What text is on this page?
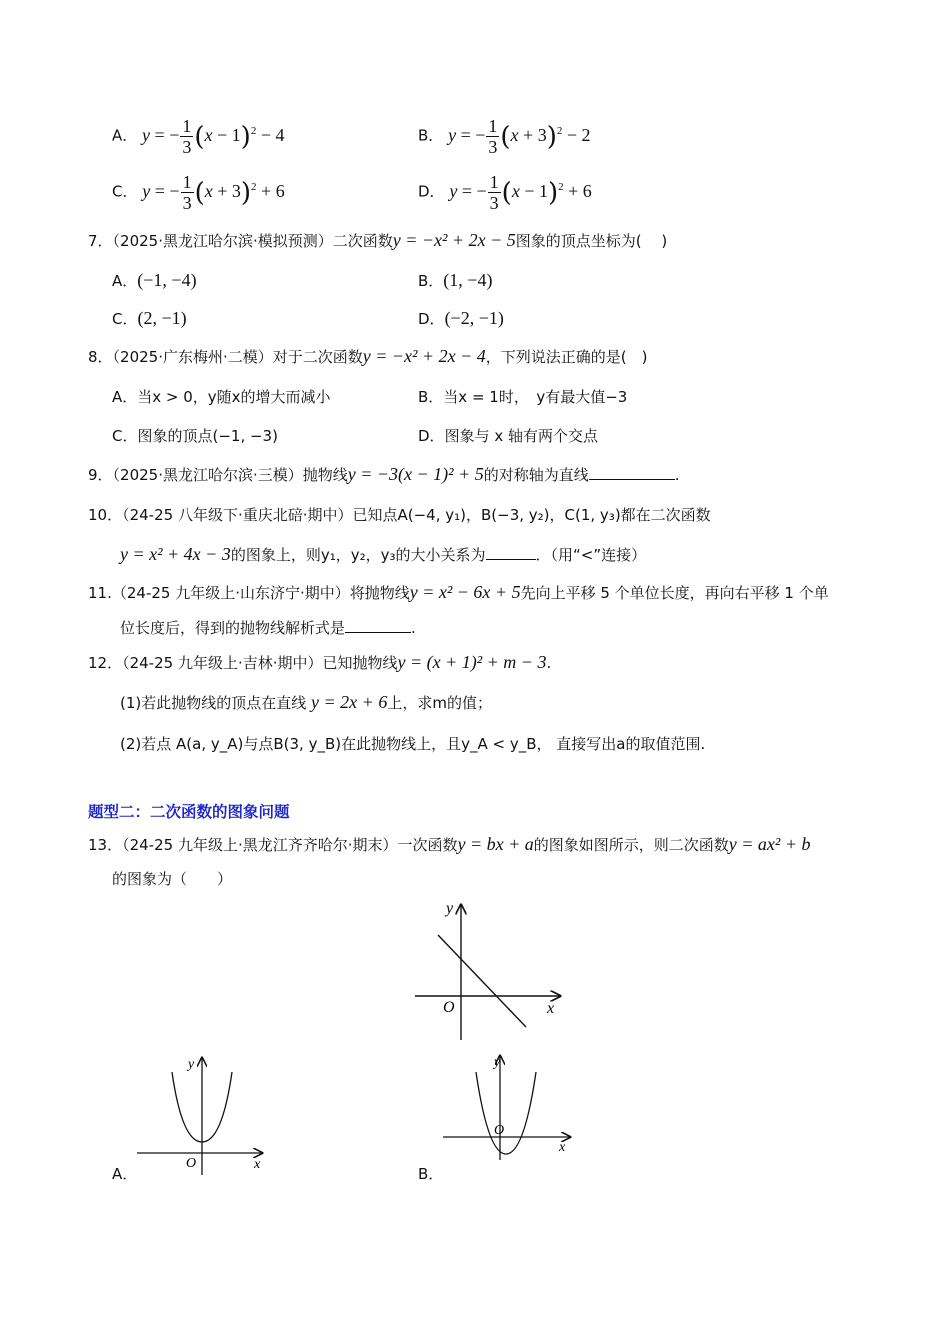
A． y = − $\frac{1}{3} (x - 1)^2 - 4$	B． y = − $\frac{1}{3} (x + 3)^2 - 2$
C． y = − $\frac{1}{3} (x + 3)^2 + 6$	D． y = − $\frac{1}{3} (x - 1)^2 + 6$
7．（2025·黑龙江哈尔滨·模拟预测）二次函数y = −x² + 2x − 5图象的顶点坐标为(　 )
A．(−1, −4)	B．(1, −4)
C．(2, −1)	D．(−2, −1)
8．（2025·广东梅州·二模）对于二次函数y = −x² + 2x − 4，下列说法正确的是(　)
A．当x > 0，y随x的增大而减小	B．当x = 1时，　y有最大值−3
C．图象的顶点(−1, −3)	D．图象与 x 轴有两个交点
9．（2025·黑龙江哈尔滨·三模）抛物线y = −3(x − 1)² + 5的对称轴为直线	.
10．（24-25 八年级下·重庆北碚·期中）已知点A(−4, y₁)，B(−3, y₂)，C(1, y₃)都在二次函数
y = x² + 4x − 3的图象上，则y₁，y₂，y₃的大小关系为	．（用“<”连接）
11.（24-25 九年级上·山东济宁·期中）将抛物线y = x² − 6x + 5先向上平移 5 个单位长度，再向右平移 1 个单
位长度后，得到的抛物线解析式是	.
12．（24-25 九年级上·吉林·期中）已知抛物线y = (x + 1)² + m − 3.
(1)若此抛物线的顶点在直线 y = 2x + 6上，求m的值；
(2)若点 A(a, y_A)与点B(3, y_B)在此抛物线上，且y_A < y_B， 直接写出a的取值范围.
题型二：二次函数的图象问题
13．（24-25 九年级上·黑龙江齐齐哈尔·期末）一次函数y = bx + a的图象如图所示，则二次函数y = ax² + b
的图象为（　　）
y
x
O
A．
y
x
O
B．
y
x
O
